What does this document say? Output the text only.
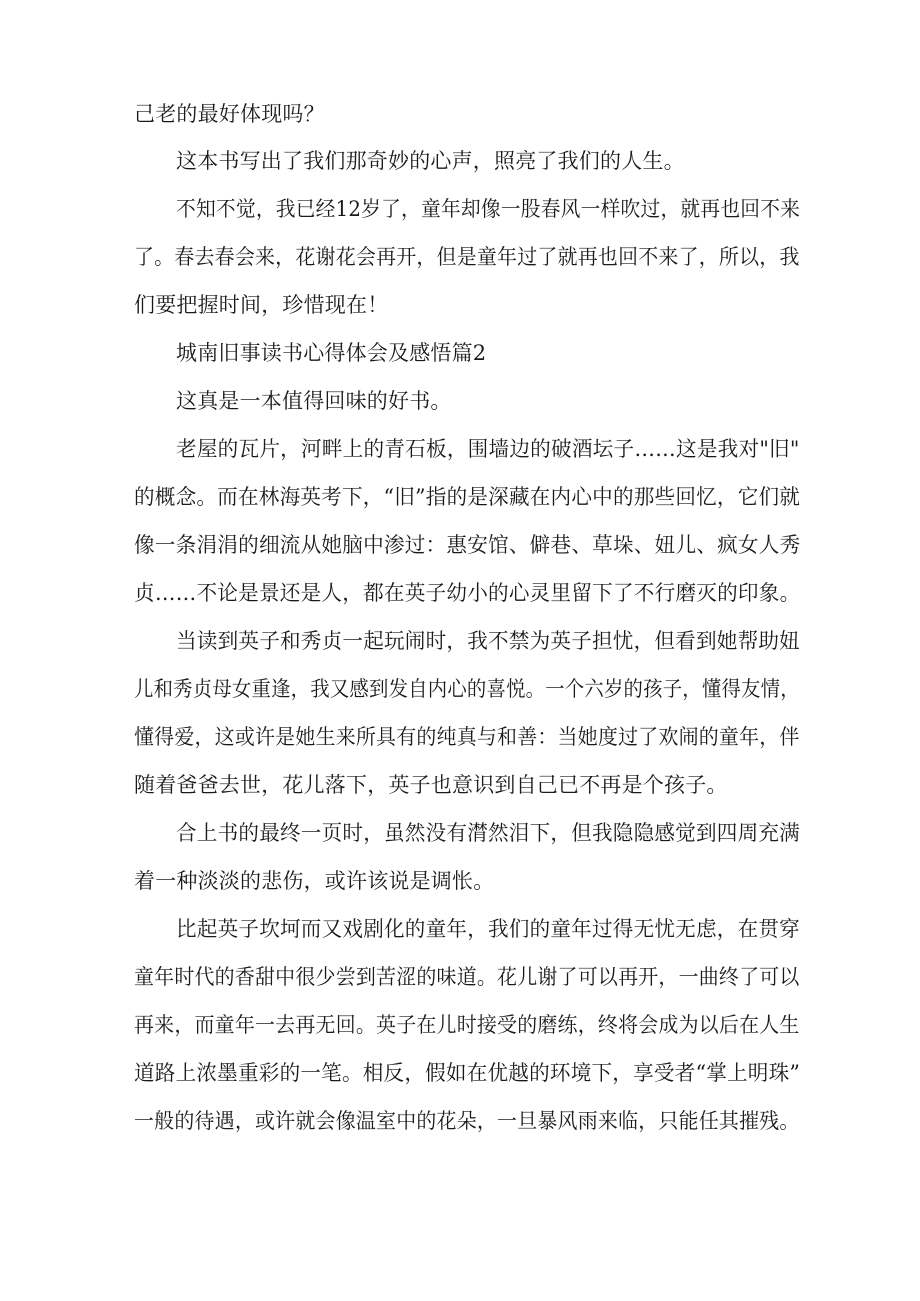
己老的最好体现吗？
这本书写出了我们那奇妙的心声，照亮了我们的人生。
不知不觉，我已经12岁了，童年却像一股春风一样吹过，就再也回不来
了。春去春会来，花谢花会再开，但是童年过了就再也回不来了，所以，我
们要把握时间，珍惜现在！
城南旧事读书心得体会及感悟篇2
这真是一本值得回味的好书。
老屋的瓦片，河畔上的青石板，围墙边的破酒坛子……这是我对"旧"
的概念。而在林海英考下，“旧”指的是深藏在内心中的那些回忆，它们就
像一条涓涓的细流从她脑中渗过：惠安馆、僻巷、草垛、妞儿、疯女人秀
贞……不论是景还是人，都在英子幼小的心灵里留下了不行磨灭的印象。
当读到英子和秀贞一起玩闹时，我不禁为英子担忧，但看到她帮助妞
儿和秀贞母女重逢，我又感到发自内心的喜悦。一个六岁的孩子，懂得友情，
懂得爱，这或许是她生来所具有的纯真与和善：当她度过了欢闹的童年，伴
随着爸爸去世，花儿落下，英子也意识到自己已不再是个孩子。
合上书的最终一页时，虽然没有潸然泪下，但我隐隐感觉到四周充满
着一种淡淡的悲伤，或许该说是调怅。
比起英子坎坷而又戏剧化的童年，我们的童年过得无忧无虑，在贯穿
童年时代的香甜中很少尝到苦涩的味道。花儿谢了可以再开，一曲终了可以
再来，而童年一去再无回。英子在儿时接受的磨练，终将会成为以后在人生
道路上浓墨重彩的一笔。相反，假如在优越的环境下，享受者“掌上明珠”
一般的待遇，或许就会像温室中的花朵，一旦暴风雨来临，只能任其摧残。
